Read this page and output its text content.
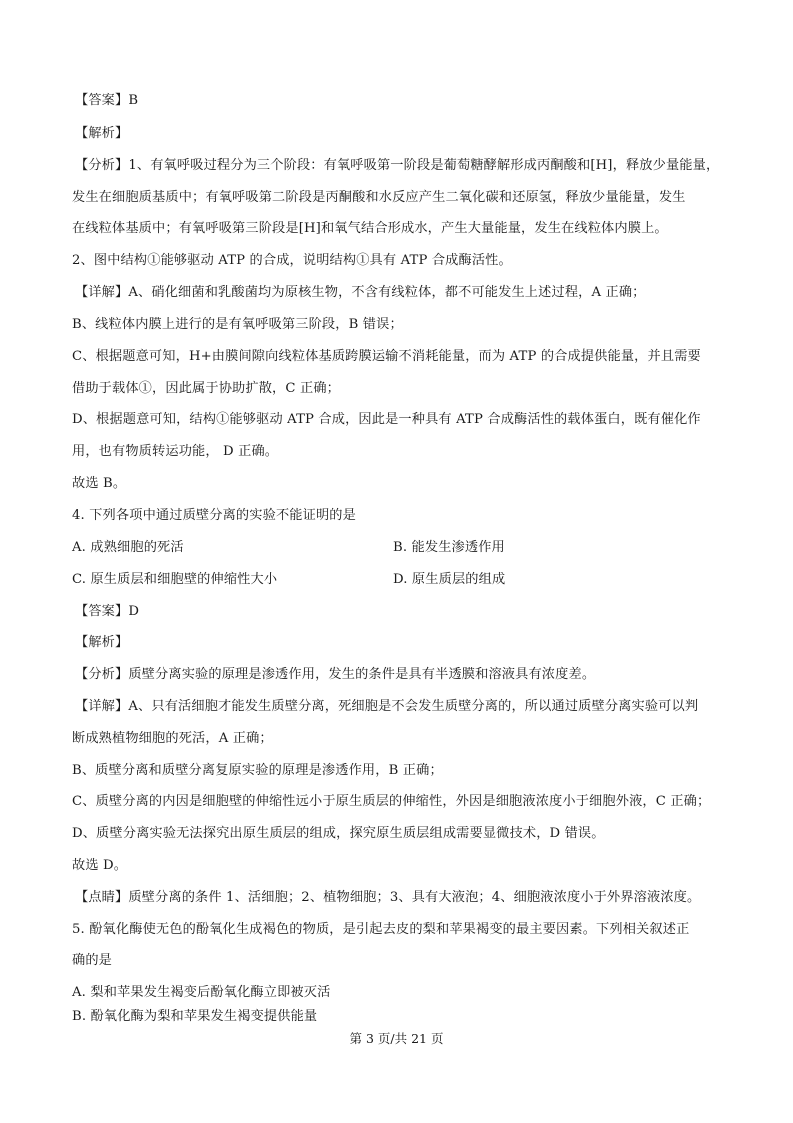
【答案】B
【解析】
【分析】1、有氧呼吸过程分为三个阶段：有氧呼吸第一阶段是葡萄糖酵解形成丙酮酸和[H]，释放少量能量，
发生在细胞质基质中；有氧呼吸第二阶段是丙酮酸和水反应产生二氧化碳和还原氢，释放少量能量，发生
在线粒体基质中；有氧呼吸第三阶段是[H]和氧气结合形成水，产生大量能量，发生在线粒体内膜上。
2、图中结构①能够驱动 ATP 的合成，说明结构①具有 ATP 合成酶活性。
【详解】A、硝化细菌和乳酸菌均为原核生物，不含有线粒体，都不可能发生上述过程，A 正确；
B、线粒体内膜上进行的是有氧呼吸第三阶段，B 错误；
C、根据题意可知，H+由膜间隙向线粒体基质跨膜运输不消耗能量，而为 ATP 的合成提供能量，并且需要
借助于载体①，因此属于协助扩散，C 正确；
D、根据题意可知，结构①能够驱动 ATP 合成，因此是一种具有 ATP 合成酶活性的载体蛋白，既有催化作
用，也有物质转运功能， D 正确。
故选 B。
4. 下列各项中通过质壁分离的实验不能证明的是
A. 成熟细胞的死活	B. 能发生渗透作用
C. 原生质层和细胞壁的伸缩性大小	D. 原生质层的组成
【答案】D
【解析】
【分析】质壁分离实验的原理是渗透作用，发生的条件是具有半透膜和溶液具有浓度差。
【详解】A、只有活细胞才能发生质壁分离，死细胞是不会发生质壁分离的，所以通过质壁分离实验可以判
断成熟植物细胞的死活，A 正确；
B、质壁分离和质壁分离复原实验的原理是渗透作用，B 正确；
C、质壁分离的内因是细胞壁的伸缩性远小于原生质层的伸缩性，外因是细胞液浓度小于细胞外液，C 正确；
D、质壁分离实验无法探究出原生质层的组成，探究原生质层组成需要显微技术，D 错误。
故选 D。
【点睛】质壁分离的条件 1、活细胞；2、植物细胞；3、具有大液泡；4、细胞液浓度小于外界溶液浓度。
5. 酚氧化酶使无色的酚氧化生成褐色的物质，是引起去皮的梨和苹果褐变的最主要因素。下列相关叙述正
确的是
A. 梨和苹果发生褐变后酚氧化酶立即被灭活
B. 酚氧化酶为梨和苹果发生褐变提供能量
第 3 页/共 21 页
